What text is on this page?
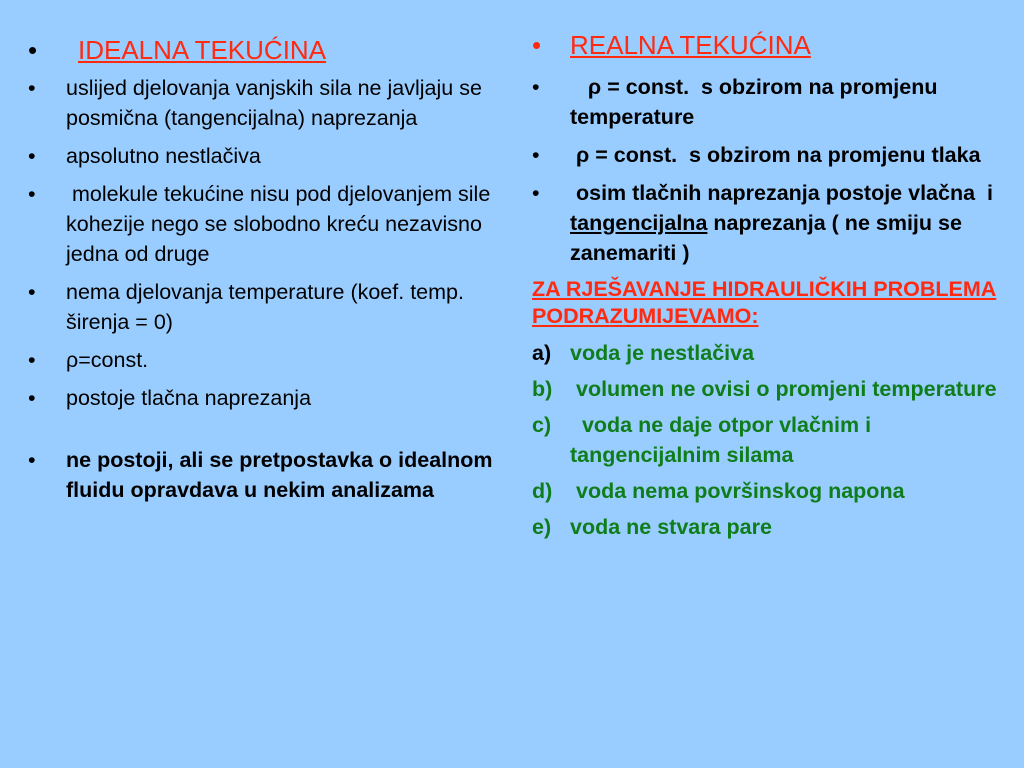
• IDEALNA TEKUĆINA
• uslijed djelovanja vanjskih sila ne javljaju se posmična (tangencijalna) naprezanja
• apsolutno nestlačiva
• molekule tekućine nisu pod djelovanjem sile kohezije nego se slobodno kreću nezavisno jedna od druge
• nema djelovanja temperature (koef. temp. širenja = 0)
• ρ=const.
• postoje tlačna naprezanja
• ne postoji, ali se pretpostavka o idealnom fluidu opravdava u nekim analizama
• REALNA TEKUĆINA
• ρ = const.  s obzirom na promjenu temperature
• ρ = const.  s obzirom na promjenu tlaka
• osim tlačnih naprezanja postoje vlačna  i tangencijalna naprezanja ( ne smiju se zanemariti )
ZA RJEŠAVANJE HIDRAULIČKIH PROBLEMA PODRAZUMIJEVAMO:
a) voda je nestlačiva
b) volumen ne ovisi o promjeni temperature
c) voda ne daje otpor vlačnim i tangencijalnim silama
d) voda nema površinskog napona
e) voda ne stvara pare
